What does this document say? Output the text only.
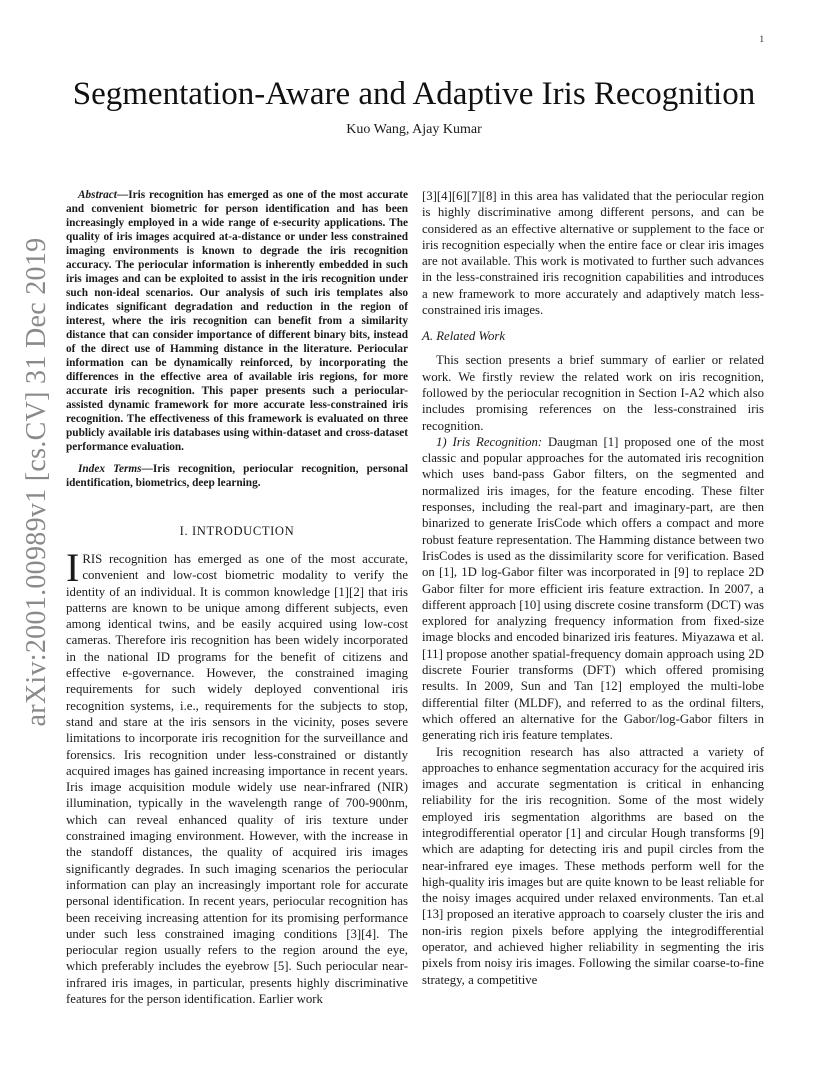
1
arXiv:2001.00989v1 [cs.CV] 31 Dec 2019
Segmentation-Aware and Adaptive Iris Recognition
Kuo Wang, Ajay Kumar

Abstract—Iris recognition has emerged as one of the most accurate and convenient biometric for person identification and has been increasingly employed in a wide range of e-security applications. The quality of iris images acquired at-a-distance or under less constrained imaging environments is known to degrade the iris recognition accuracy. The periocular information is inherently embedded in such iris images and can be exploited to assist in the iris recognition under such non-ideal scenarios. Our analysis of such iris templates also indicates significant degradation and reduction in the region of interest, where the iris recognition can benefit from a similarity distance that can consider importance of different binary bits, instead of the direct use of Hamming distance in the literature. Periocular information can be dynamically reinforced, by incorporating the differences in the effective area of available iris regions, for more accurate iris recognition. This paper presents such a periocular-assisted dynamic framework for more accurate less-constrained iris recognition. The effectiveness of this framework is evaluated on three publicly available iris databases using within-dataset and cross-dataset performance evaluation.

Index Terms—Iris recognition, periocular recognition, personal identification, biometrics, deep learning.

I. INTRODUCTION

IRIS recognition has emerged as one of the most accurate, convenient and low-cost biometric modality to verify the identity of an individual. It is common knowledge [1][2] that iris patterns are known to be unique among different subjects, even among identical twins, and be easily acquired using low-cost cameras. Therefore iris recognition has been widely incorporated in the national ID programs for the benefit of citizens and effective e-governance. However, the constrained imaging requirements for such widely deployed conventional iris recognition systems, i.e., requirements for the subjects to stop, stand and stare at the iris sensors in the vicinity, poses severe limitations to incorporate iris recognition for the surveillance and forensics. Iris recognition under less-constrained or distantly acquired images has gained increasing importance in recent years. Iris image acquisition module widely use near-infrared (NIR) illumination, typically in the wavelength range of 700-900nm, which can reveal enhanced quality of iris texture under constrained imaging environment. However, with the increase in the standoff distances, the quality of acquired iris images significantly degrades. In such imaging scenarios the periocular information can play an increasingly important role for accurate personal identification. In recent years, periocular recognition has been receiving increasing attention for its promising performance under such less constrained imaging conditions [3][4]. The periocular region usually refers to the region around the eye, which preferably includes the eyebrow [5]. Such periocular near-infrared iris images, in particular, presents highly discriminative features for the person identification. Earlier work

[3][4][6][7][8] in this area has validated that the periocular region is highly discriminative among different persons, and can be considered as an effective alternative or supplement to the face or iris recognition especially when the entire face or clear iris images are not available. This work is motivated to further such advances in the less-constrained iris recognition capabilities and introduces a new framework to more accurately and adaptively match less-constrained iris images.

A. Related Work

This section presents a brief summary of earlier or related work. We firstly review the related work on iris recognition, followed by the periocular recognition in Section I-A2 which also includes promising references on the less-constrained iris recognition.

1) Iris Recognition: Daugman [1] proposed one of the most classic and popular approaches for the automated iris recognition which uses band-pass Gabor filters, on the segmented and normalized iris images, for the feature encoding. These filter responses, including the real-part and imaginary-part, are then binarized to generate IrisCode which offers a compact and more robust feature representation. The Hamming distance between two IrisCodes is used as the dissimilarity score for verification. Based on [1], 1D log-Gabor filter was incorporated in [9] to replace 2D Gabor filter for more efficient iris feature extraction. In 2007, a different approach [10] using discrete cosine transform (DCT) was explored for analyzing frequency information from fixed-size image blocks and encoded binarized iris features. Miyazawa et al. [11] propose another spatial-frequency domain approach using 2D discrete Fourier transforms (DFT) which offered promising results. In 2009, Sun and Tan [12] employed the multi-lobe differential filter (MLDF), and referred to as the ordinal filters, which offered an alternative for the Gabor/log-Gabor filters in generating rich iris feature templates.

Iris recognition research has also attracted a variety of approaches to enhance segmentation accuracy for the acquired iris images and accurate segmentation is critical in enhancing reliability for the iris recognition. Some of the most widely employed iris segmentation algorithms are based on the integrodifferential operator [1] and circular Hough transforms [9] which are adapting for detecting iris and pupil circles from the near-infrared eye images. These methods perform well for the high-quality iris images but are quite known to be least reliable for the noisy images acquired under relaxed environments. Tan et.al [13] proposed an iterative approach to coarsely cluster the iris and non-iris region pixels before applying the integrodifferential operator, and achieved higher reliability in segmenting the iris pixels from noisy iris images. Following the similar coarse-to-fine strategy, a competitive
